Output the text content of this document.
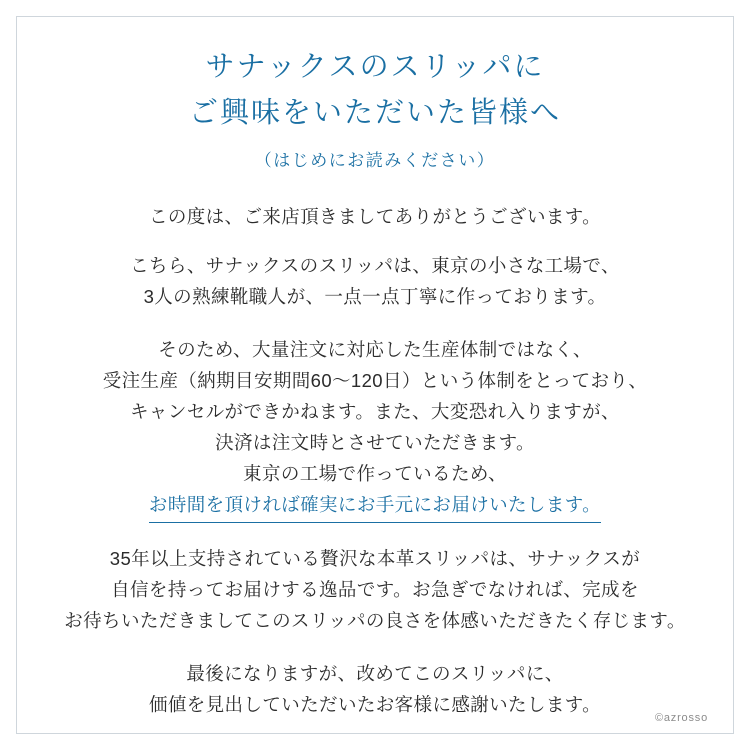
サナックスのスリッパに
ご興味をいただいた皆様へ
（はじめにお読みください）
この度は、ご来店頂きましてありがとうございます。
こちら、サナックスのスリッパは、東京の小さな工場で、
3人の熟練靴職人が、一点一点丁寧に作っております。
そのため、大量注文に対応した生産体制ではなく、
受注生産（納期目安期間60〜120日）という体制をとっており、
キャンセルができかねます。また、大変恐れ入りますが、
決済は注文時とさせていただきます。
東京の工場で作っているため、
お時間を頂ければ確実にお手元にお届けいたします。
35年以上支持されている贅沢な本革スリッパは、サナックスが
自信を持ってお届けする逸品です。お急ぎでなければ、完成を
お待ちいただきましてこのスリッパの良さを体感いただきたく存じます。
最後になりますが、改めてこのスリッパに、
価値を見出していただいたお客様に感謝いたします。
©azrosso
